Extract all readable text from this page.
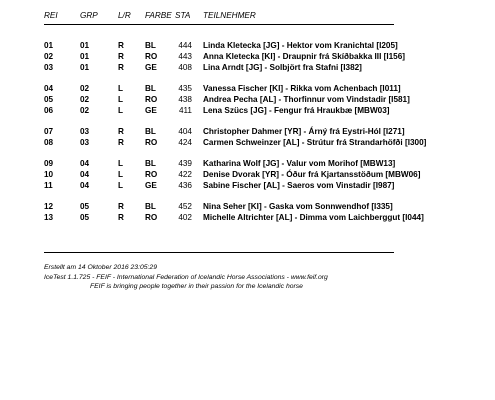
REI	GRP L/R FARBE STA TEILNEHMER
01	01	R	BL	444 Linda Kletecka [JG] - Hektor vom Kranichtal [I205]
02	01	R	RO	443 Anna Kletecka [KI] - Draupnir frá Skíðbakka III [I156]
03	01	R	GE	408 Lina Arndt [JG] - Solbjört fra Stafni [I382]
04	02	L	BL	435 Vanessa Fischer [KI] - Rikka vom Achenbach [I011]
05	02	L	RO	438 Andrea Pecha [AL] - Thorfinnur vom Vindstadir [I581]
06	02	L	GE	411 Lena Szücs [JG] - Fengur frá Hraukbæ [MBW03]
07	03	R	BL	404 Christopher Dahmer [YR] - Árný frá Eystri-Hól [I271]
08	03	R	RO	424 Carmen Schweinzer [AL] - Strútur frá Strandarhöfði [I300]
09	04	L	BL	439 Katharina Wolf [JG] - Valur vom Morihof [MBW13]
10	04	L	RO	422 Denise Dvorak [YR] - Óður frá Kjartansstöðum [MBW06]
11	04	L	GE	436 Sabine Fischer [AL] - Saeros vom Vinstadir [I987]
12	05	R	BL	452 Nina Seher [KI] - Gaska vom Sonnwendhof [I335]
13	05	R	RO	402 Michelle Altrichter [AL] - Dimma vom Laichberggut [I044]
Erstellt am 14 Oktober 2016 23:05:29
IceTest 1.1.725 - FEIF - International Federation of Icelandic Horse Associations - www.feif.org
FEIF is bringing people together in their passion for the Icelandic horse
